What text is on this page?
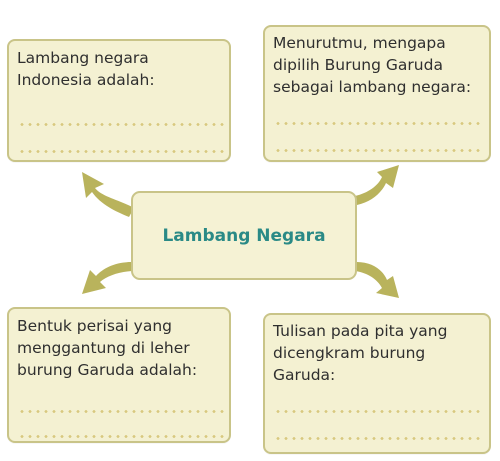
Lambang negara
Indonesia adalah:
Menurutmu, mengapa
dipilih Burung Garuda
sebagai lambang negara:
Lambang Negara
Bentuk perisai yang
menggantung di leher
burung Garuda adalah:
Tulisan pada pita yang
dicengkram burung
Garuda:
